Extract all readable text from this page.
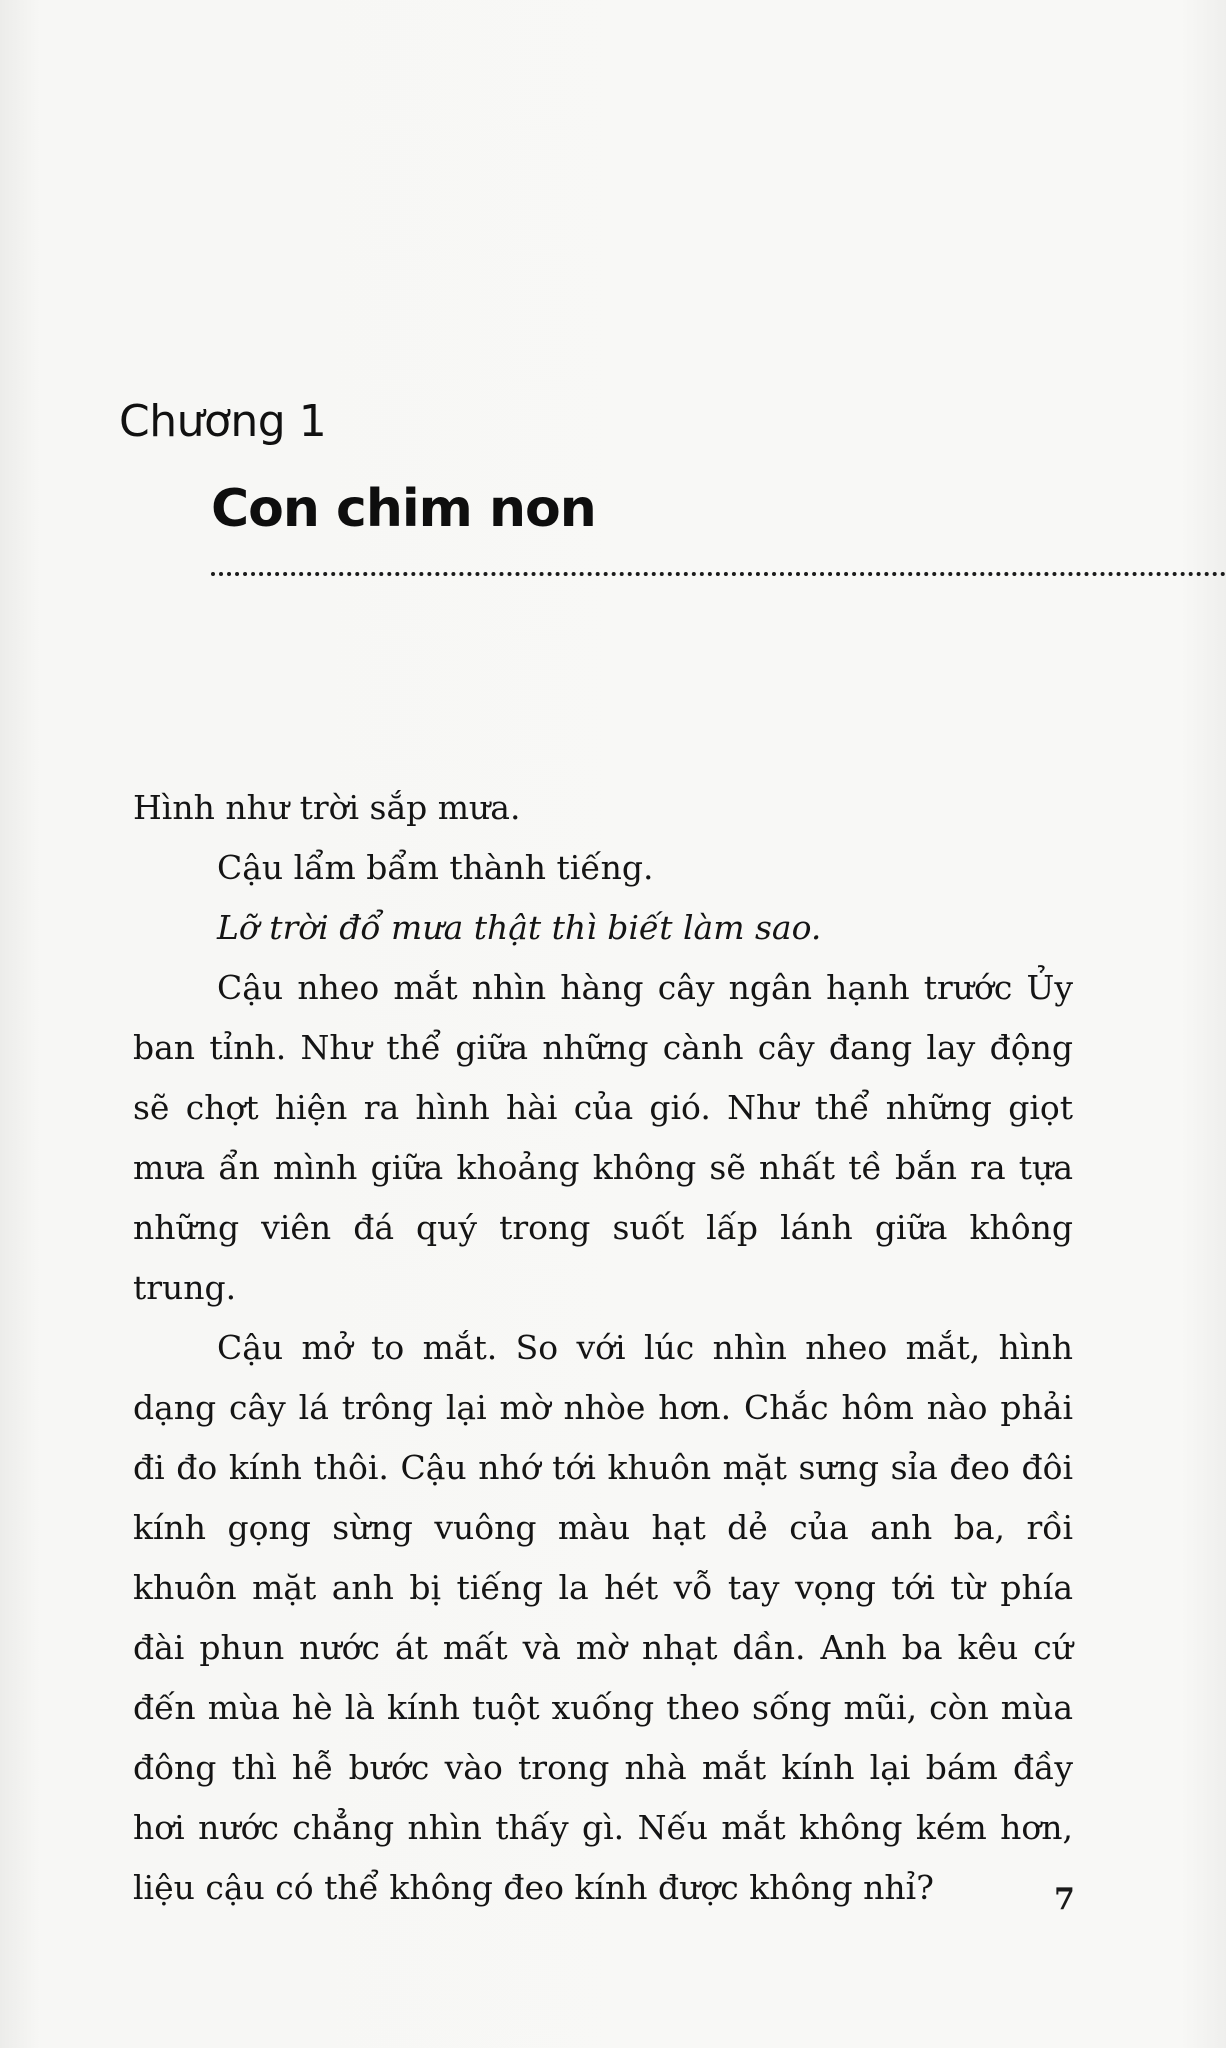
Chương 1
Con chim non

Hình như trời sắp mưa.

Cậu lẩm bẩm thành tiếng.

Lỡ trời đổ mưa thật thì biết làm sao.

Cậu nheo mắt nhìn hàng cây ngân hạnh trước Ủy ban tỉnh. Như thể giữa những cành cây đang lay động sẽ chợt hiện ra hình hài của gió. Như thể những giọt mưa ẩn mình giữa khoảng không sẽ nhất tề bắn ra tựa những viên đá quý trong suốt lấp lánh giữa không trung.

Cậu mở to mắt. So với lúc nhìn nheo mắt, hình dạng cây lá trông lại mờ nhòe hơn. Chắc hôm nào phải đi đo kính thôi. Cậu nhớ tới khuôn mặt sưng sỉa đeo đôi kính gọng sừng vuông màu hạt dẻ của anh ba, rồi khuôn mặt anh bị tiếng la hét vỗ tay vọng tới từ phía đài phun nước át mất và mờ nhạt dần. Anh ba kêu cứ đến mùa hè là kính tuột xuống theo sống mũi, còn mùa đông thì hễ bước vào trong nhà mắt kính lại bám đầy hơi nước chẳng nhìn thấy gì. Nếu mắt không kém hơn, liệu cậu có thể không đeo kính được không nhỉ?	7
